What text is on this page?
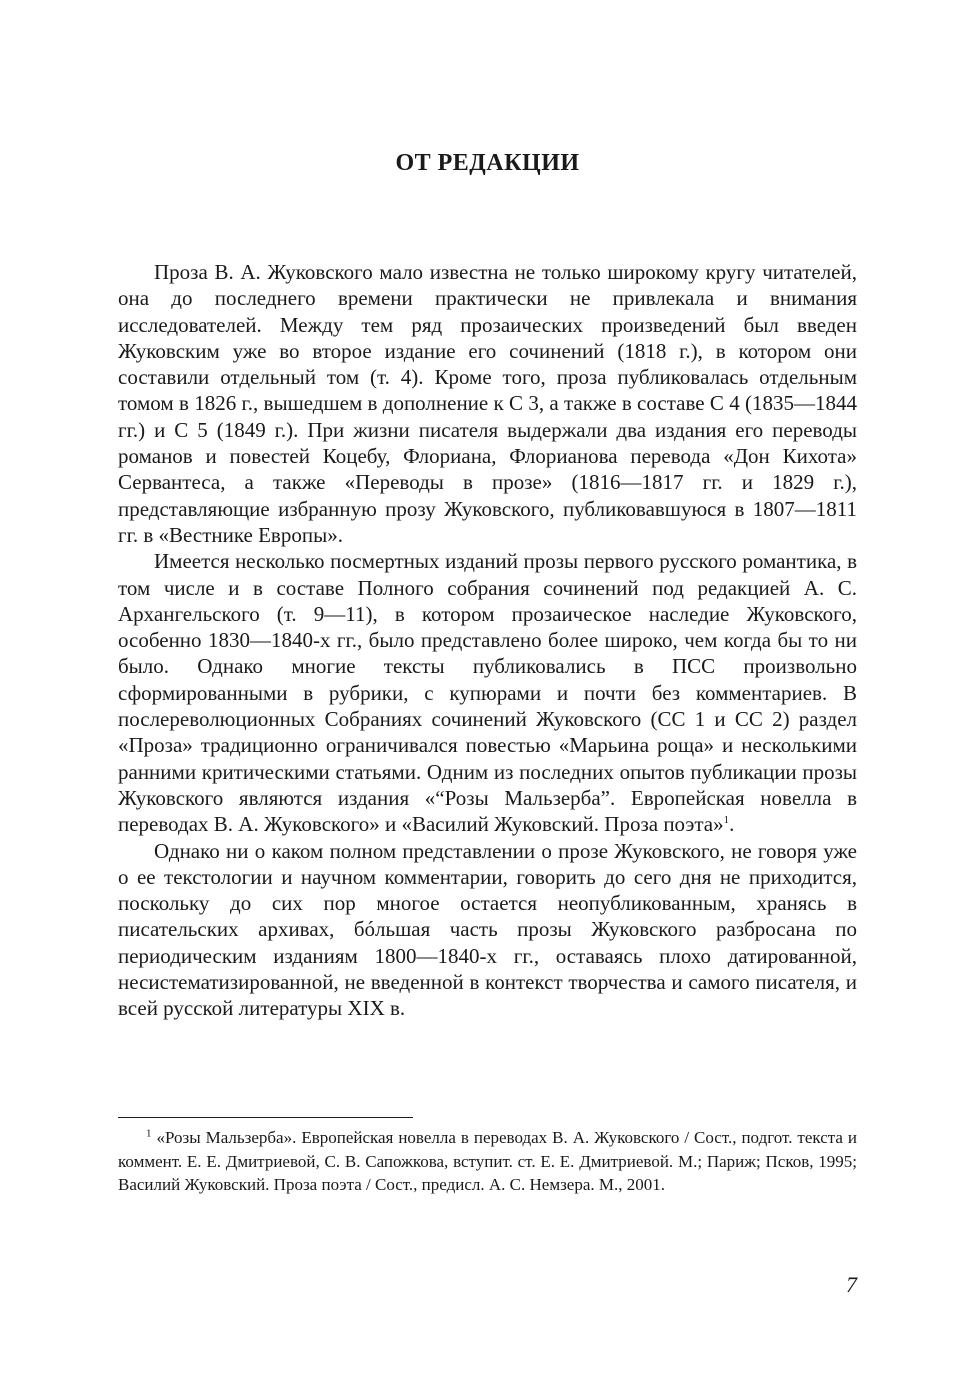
ОТ РЕДАКЦИИ

Проза В. А. Жуковского мало известна не только широкому кругу читателей, она до последнего времени практически не привлекала и внимания исследователей. Между тем ряд прозаических произведений был введен Жуковским уже во второе издание его сочинений (1818 г.), в котором они составили отдельный том (т. 4). Кроме того, проза публиковалась отдельным томом в 1826 г., вышедшем в дополнение к С 3, а также в составе С 4 (1835—1844 гг.) и С 5 (1849 г.). При жизни писателя выдержали два издания его переводы романов и повестей Коцебу, Флориана, Флорианова перевода «Дон Кихота» Сервантеса, а также «Переводы в прозе» (1816—1817 гг. и 1829 г.), представляющие избранную прозу Жуковского, публиковавшуюся в 1807—1811 гг. в «Вестнике Европы».

Имеется несколько посмертных изданий прозы первого русского романтика, в том числе и в составе Полного собрания сочинений под редакцией А. С. Архангельского (т. 9—11), в котором прозаическое наследие Жуковского, особенно 1830—1840-х гг., было представлено более широко, чем когда бы то ни было. Однако многие тексты публиковались в ПСС произвольно сформированными в рубрики, с купюрами и почти без комментариев. В послереволюционных Собраниях сочинений Жуковского (СС 1 и СС 2) раздел «Проза» традиционно ограничивался повестью «Марьина роща» и несколькими ранними критическими статьями. Одним из последних опытов публикации прозы Жуковского являются издания «“Розы Мальзерба”. Европейская новелла в переводах В. А. Жуковского» и «Василий Жуковский. Проза поэта»$^1$.

Однако ни о каком полном представлении о прозе Жуковского, не говоря уже о ее текстологии и научном комментарии, говорить до сего дня не приходится, поскольку до сих пор многое остается неопубликованным, хранясь в писательских архивах, бóльшая часть прозы Жуковского разбросана по периодическим изданиям 1800—1840-х гг., оставаясь плохо датированной, несистематизированной, не введенной в контекст творчества и самого писателя, и всей русской литературы XIX в.

$^1$ «Розы Мальзерба». Европейская новелла в переводах В. А. Жуковского / Сост., подгот. текста и коммент. Е. Е. Дмитриевой, С. В. Сапожкова, вступит. ст. Е. Е. Дмитриевой. М.; Париж; Псков, 1995; Василий Жуковский. Проза поэта / Сост., предисл. А. С. Немзера. М., 2001.

7
